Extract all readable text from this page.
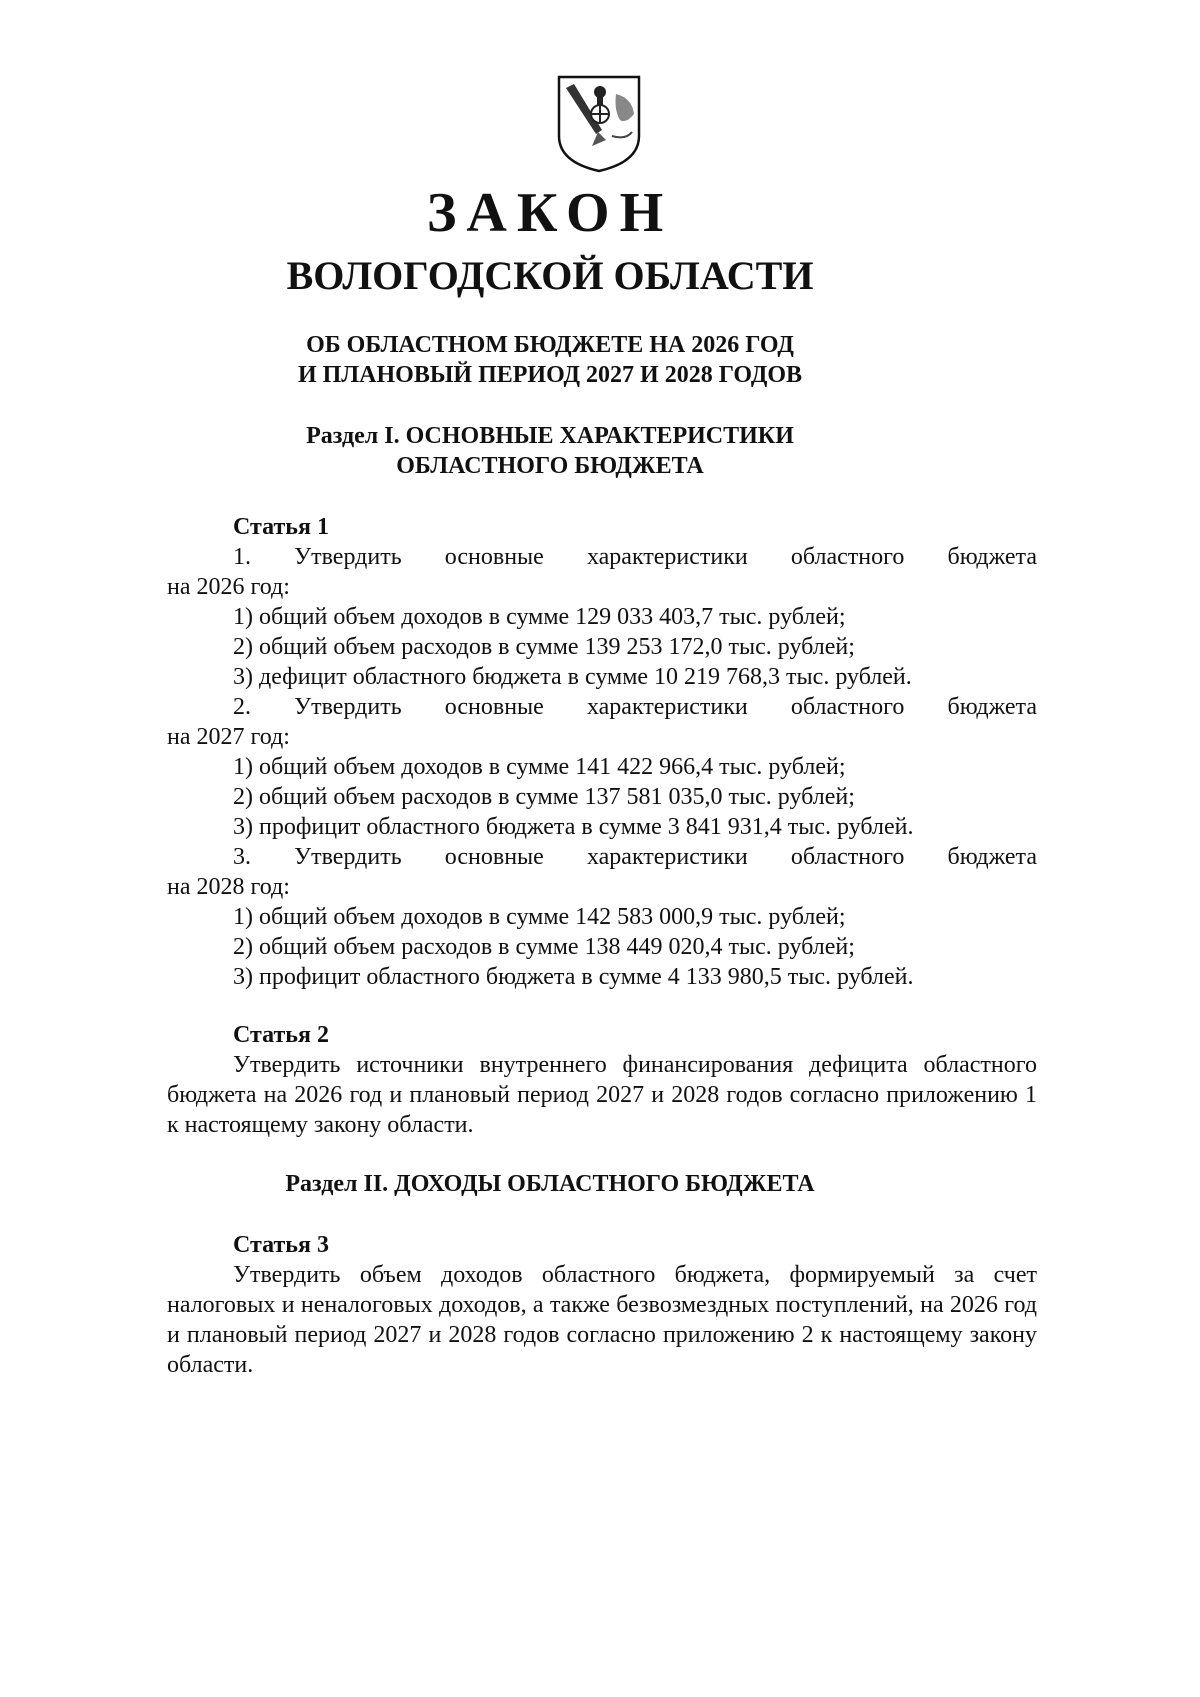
ЗАКОН
ВОЛОГОДСКОЙ ОБЛАСТИ
ОБ ОБЛАСТНОМ БЮДЖЕТЕ НА 2026 ГОД
И ПЛАНОВЫЙ ПЕРИОД 2027 И 2028 ГОДОВ
Раздел I. ОСНОВНЫЕ ХАРАКТЕРИСТИКИ
ОБЛАСТНОГО БЮДЖЕТА
Статья 1

1. Утвердить основные характеристики областного бюджета

на 2026 год:

1) общий объем доходов в сумме 129 033 403,7 тыс. рублей;

2) общий объем расходов в сумме 139 253 172,0 тыс. рублей;

3) дефицит областного бюджета в сумме 10 219 768,3 тыс. рублей.

2. Утвердить основные характеристики областного бюджета

на 2027 год:

1) общий объем доходов в сумме 141 422 966,4 тыс. рублей;

2) общий объем расходов в сумме 137 581 035,0 тыс. рублей;

3) профицит областного бюджета в сумме 3 841 931,4 тыс. рублей.

3. Утвердить основные характеристики областного бюджета

на 2028 год:

1) общий объем доходов в сумме 142 583 000,9 тыс. рублей;

2) общий объем расходов в сумме 138 449 020,4 тыс. рублей;

3) профицит областного бюджета в сумме 4 133 980,5 тыс. рублей.

Статья 2

Утвердить источники внутреннего финансирования дефицита областного бюджета на 2026 год и плановый период 2027 и 2028 годов согласно приложению 1 к настоящему закону области.

Раздел II. ДОХОДЫ ОБЛАСТНОГО БЮДЖЕТА
Статья 3

Утвердить объем доходов областного бюджета, формируемый за счет налоговых и неналоговых доходов, а также безвозмездных поступлений, на 2026 год и плановый период 2027 и 2028 годов согласно приложению 2 к настоящему закону области.
